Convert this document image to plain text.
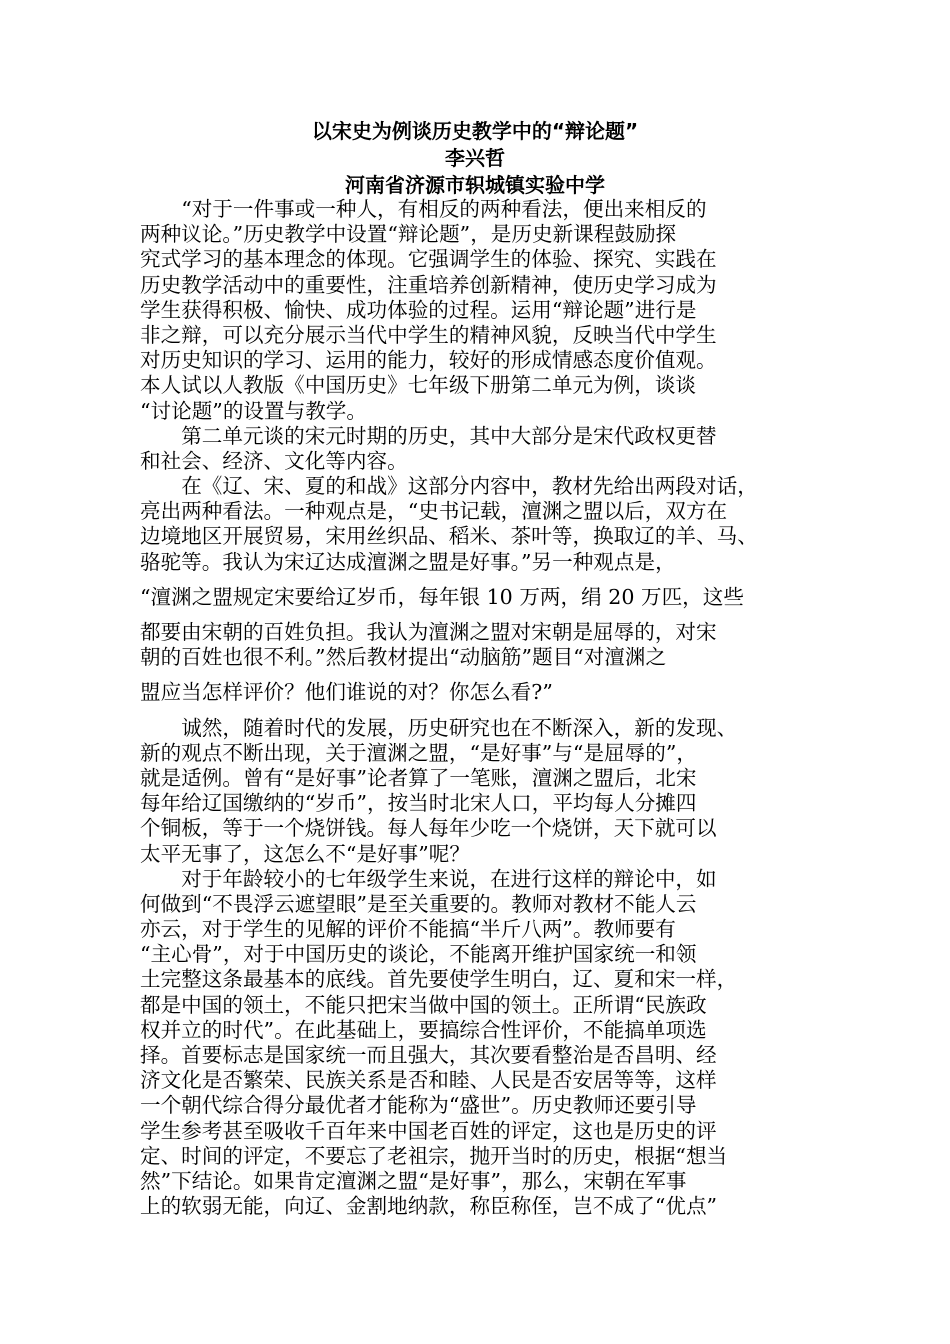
以宋史为例谈历史教学中的“辩论题”
李兴哲
河南省济源市轵城镇实验中学
“对于一件事或一种人，有相反的两种看法，便出来相反的
两种议论。”历史教学中设置“辩论题”，是历史新课程鼓励探
究式学习的基本理念的体现。它强调学生的体验、探究、实践在
历史教学活动中的重要性，注重培养创新精神，使历史学习成为
学生获得积极、愉快、成功体验的过程。运用“辩论题”进行是
非之辩，可以充分展示当代中学生的精神风貌，反映当代中学生
对历史知识的学习、运用的能力，较好的形成情感态度价值观。
本人试以人教版《中国历史》七年级下册第二单元为例，谈谈
“讨论题”的设置与教学。
第二单元谈的宋元时期的历史，其中大部分是宋代政权更替
和社会、经济、文化等内容。
在《辽、宋、夏的和战》这部分内容中，教材先给出两段对话，
亮出两种看法。一种观点是，“史书记载，澶渊之盟以后，双方在
边境地区开展贸易，宋用丝织品、稻米、茶叶等，换取辽的羊、马、
骆驼等。我认为宋辽达成澶渊之盟是好事。”另一种观点是，
“澶渊之盟规定宋要给辽岁币，每年银 10 万两，绢 20 万匹，这些
都要由宋朝的百姓负担。我认为澶渊之盟对宋朝是屈辱的，对宋
朝的百姓也很不利。”然后教材提出“动脑筋”题目“对澶渊之
盟应当怎样评价？他们谁说的对？你怎么看?”
诚然，随着时代的发展，历史研究也在不断深入，新的发现、
新的观点不断出现，关于澶渊之盟，“是好事”与“是屈辱的”，
就是适例。曾有“是好事”论者算了一笔账，澶渊之盟后，北宋
每年给辽国缴纳的“岁币”，按当时北宋人口，平均每人分摊四
个铜板，等于一个烧饼钱。每人每年少吃一个烧饼，天下就可以
太平无事了，这怎么不“是好事”呢？
对于年龄较小的七年级学生来说，在进行这样的辩论中，如
何做到“不畏浮云遮望眼”是至关重要的。教师对教材不能人云
亦云，对于学生的见解的评价不能搞“半斤八两”。教师要有
“主心骨”，对于中国历史的谈论，不能离开维护国家统一和领
土完整这条最基本的底线。首先要使学生明白，辽、夏和宋一样，
都是中国的领土，不能只把宋当做中国的领土。正所谓“民族政
权并立的时代”。在此基础上，要搞综合性评价，不能搞单项选
择。首要标志是国家统一而且强大，其次要看整治是否昌明、经
济文化是否繁荣、民族关系是否和睦、人民是否安居等等，这样
一个朝代综合得分最优者才能称为“盛世”。历史教师还要引导
学生参考甚至吸收千百年来中国老百姓的评定，这也是历史的评
定、时间的评定，不要忘了老祖宗，抛开当时的历史，根据“想当
然”下结论。如果肯定澶渊之盟“是好事”，那么，宋朝在军事
上的软弱无能，向辽、金割地纳款，称臣称侄，岂不成了“优点”
